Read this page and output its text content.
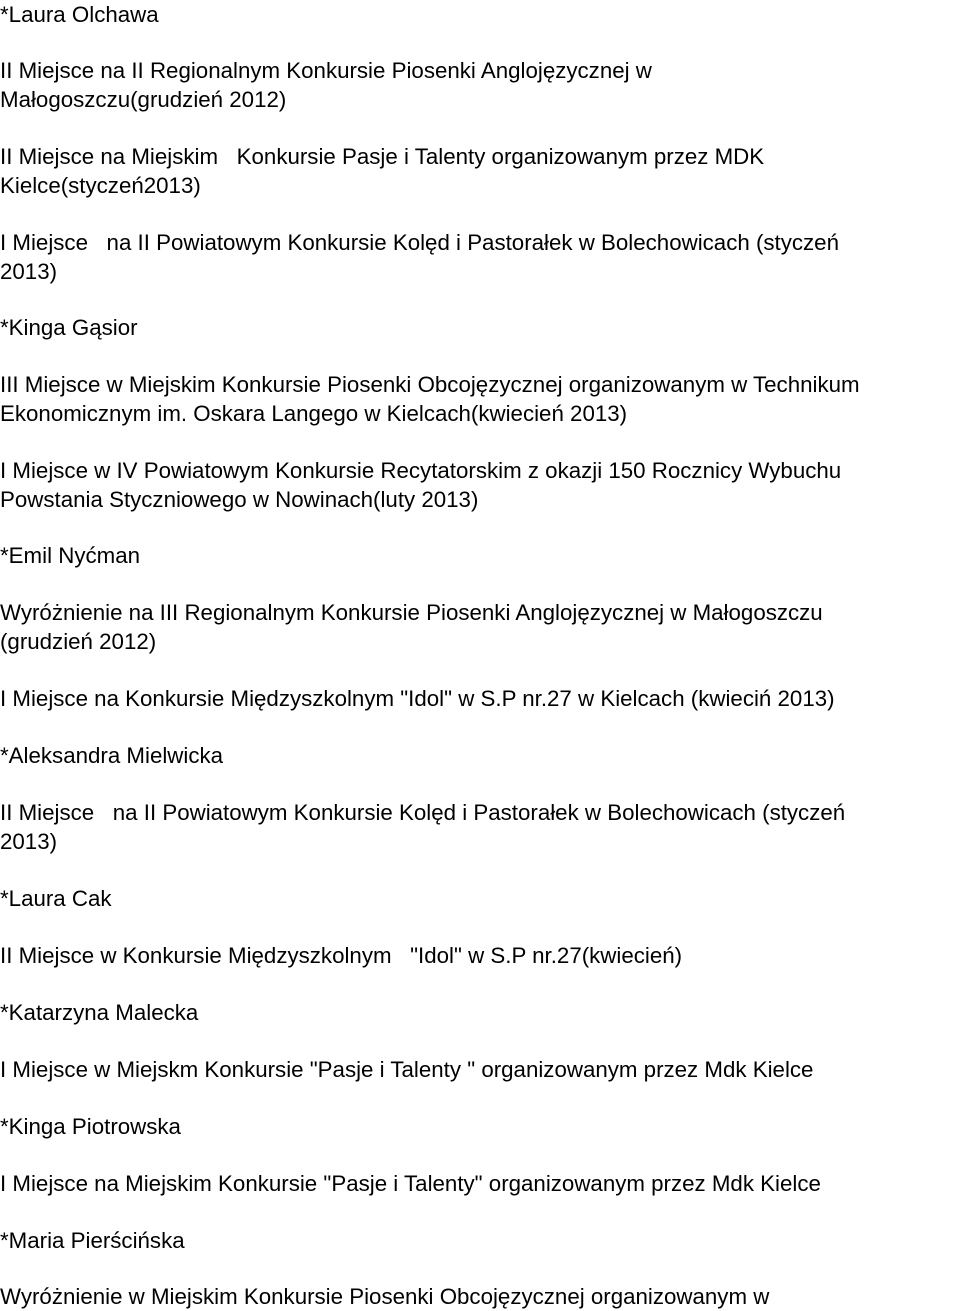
*Laura Olchawa

II Miejsce na II Regionalnym Konkursie Piosenki Anglojęzycznej w

Małogoszczu(grudzień 2012)

II Miejsce na Miejskim   Konkursie Pasje i Talenty organizowanym przez MDK

Kielce(styczeń2013)

I Miejsce   na II Powiatowym Konkursie Kolęd i Pastorałek w Bolechowicach (styczeń

2013)

*Kinga Gąsior

III Miejsce w Miejskim Konkursie Piosenki Obcojęzycznej organizowanym w Technikum

Ekonomicznym im. Oskara Langego w Kielcach(kwiecień 2013)

I Miejsce w IV Powiatowym Konkursie Recytatorskim z okazji 150 Rocznicy Wybuchu

Powstania Styczniowego w Nowinach(luty 2013)

*Emil Nyćman

Wyróżnienie na III Regionalnym Konkursie Piosenki Anglojęzycznej w Małogoszczu

(grudzień 2012)

I Miejsce na Konkursie Międzyszkolnym "Idol" w S.P nr.27 w Kielcach (kwieciń 2013)

*Aleksandra Mielwicka

II Miejsce   na II Powiatowym Konkursie Kolęd i Pastorałek w Bolechowicach (styczeń

2013)

*Laura Cak

II Miejsce w Konkursie Międzyszkolnym   "Idol" w S.P nr.27(kwiecień)

*Katarzyna Malecka

I Miejsce w Miejskm Konkursie "Pasje i Talenty " organizowanym przez Mdk Kielce

*Kinga Piotrowska

I Miejsce na Miejskim Konkursie "Pasje i Talenty" organizowanym przez Mdk Kielce

*Maria Pierścińska

Wyróżnienie w Miejskim Konkursie Piosenki Obcojęzycznej organizowanym w
